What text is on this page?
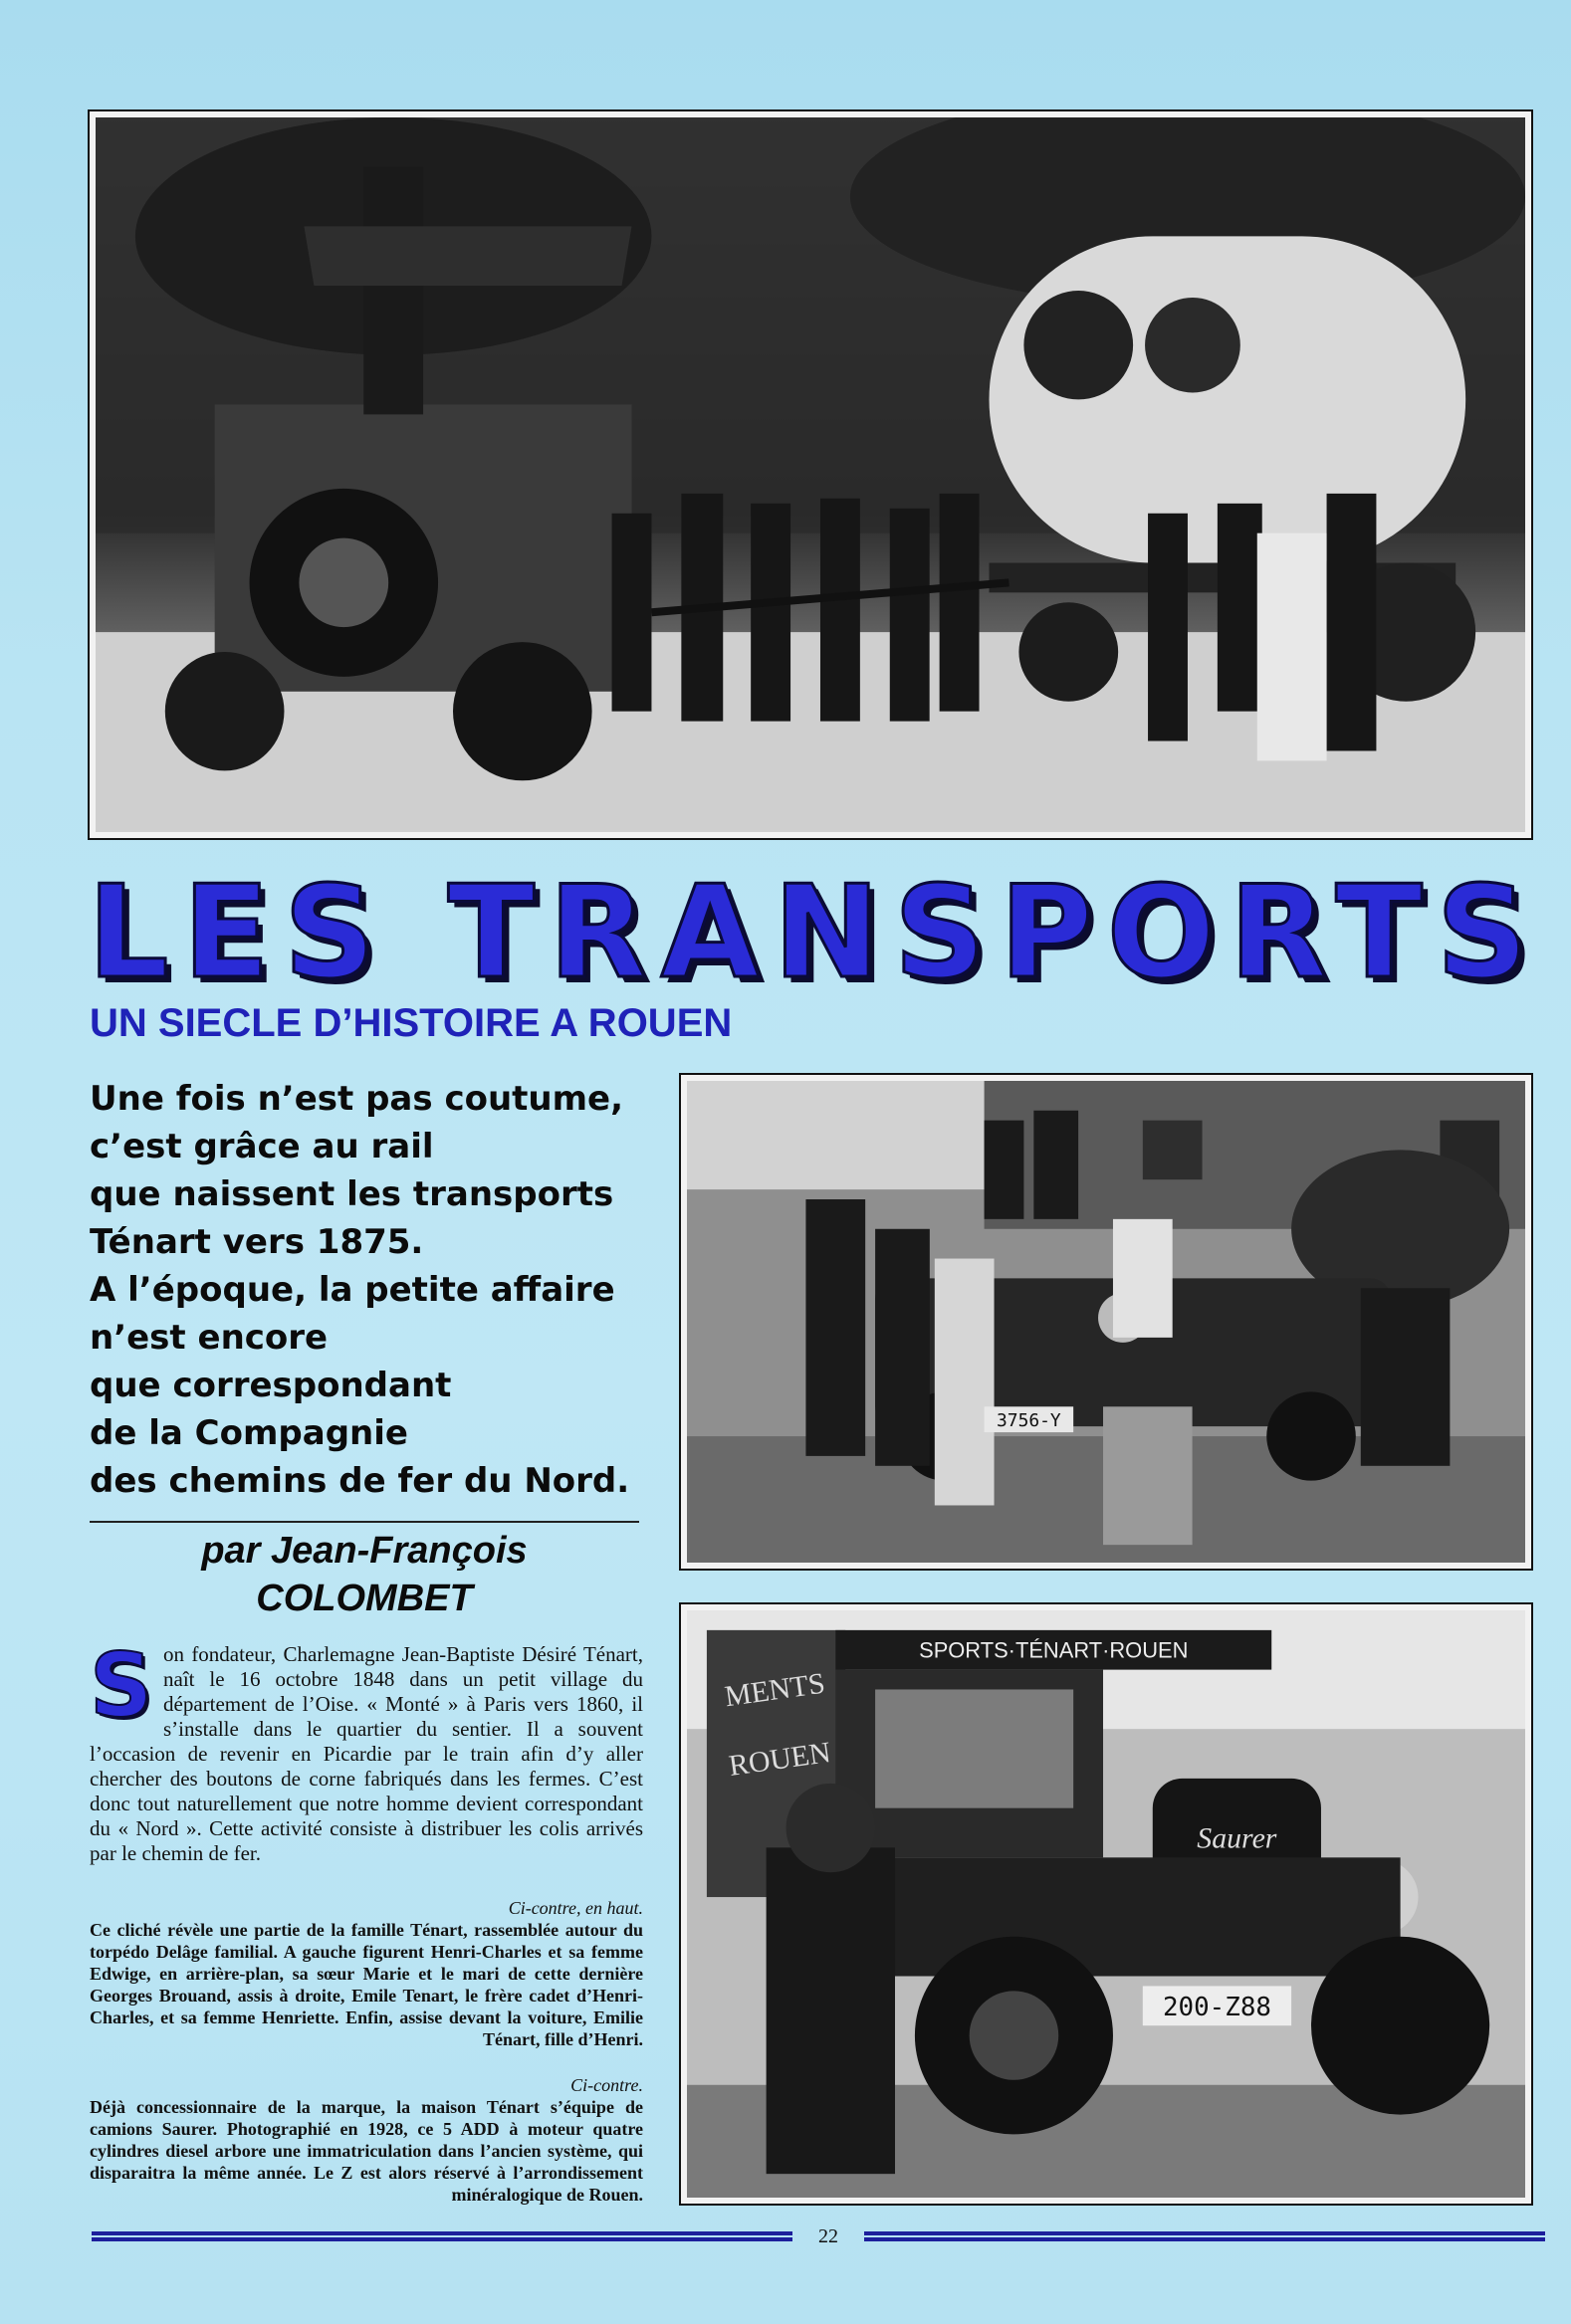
LES TRANSPORTS
UN SIECLE D’HISTOIRE A ROUEN
Une fois n’est pas coutume,
c’est grâce au rail
que naissent les transports
Ténart vers 1875.
A l’époque, la petite affaire
n’est encore
que correspondant
de la Compagnie
des chemins de fer du Nord.
par Jean-François
COLOMBET
Son fondateur, Charlemagne Jean-Baptiste Désiré Ténart, naît le 16 octobre 1848 dans un petit village du département de l’Oise. « Monté » à Paris vers 1860, il s’installe dans le quartier du sentier. Il a souvent l’occasion de revenir en Picardie par le train afin d’y aller chercher des boutons de corne fabriqués dans les fermes. C’est donc tout naturellement que notre homme devient correspondant du « Nord ». Cette activité consiste à distribuer les colis arrivés par le chemin de fer.
Ci-contre, en haut.
Ce cliché révèle une partie de la famille Ténart, rassemblée autour du torpédo Delâge familial. A gauche figurent Henri-Charles et sa femme Edwige, en arrière-plan, sa sœur Marie et le mari de cette dernière Georges Brouand, assis à droite, Emile Tenart, le frère cadet d’Henri-Charles, et sa femme Henriette. Enfin, assise devant la voiture, Emilie Ténart, fille d’Henri.
Ci-contre.
Déjà concessionnaire de la marque, la maison Ténart s’équipe de camions Saurer. Photographié en 1928, ce 5 ADD à moteur quatre cylindres diesel arbore une immatriculation dans l’ancien système, qui disparaitra la même année. Le Z est alors réservé à l’arrondissement minéralogique de Rouen.
3756-Y
MENTS
ROUEN
SPORTS·TÉNART·ROUEN
Saurer
200-Z88
22
